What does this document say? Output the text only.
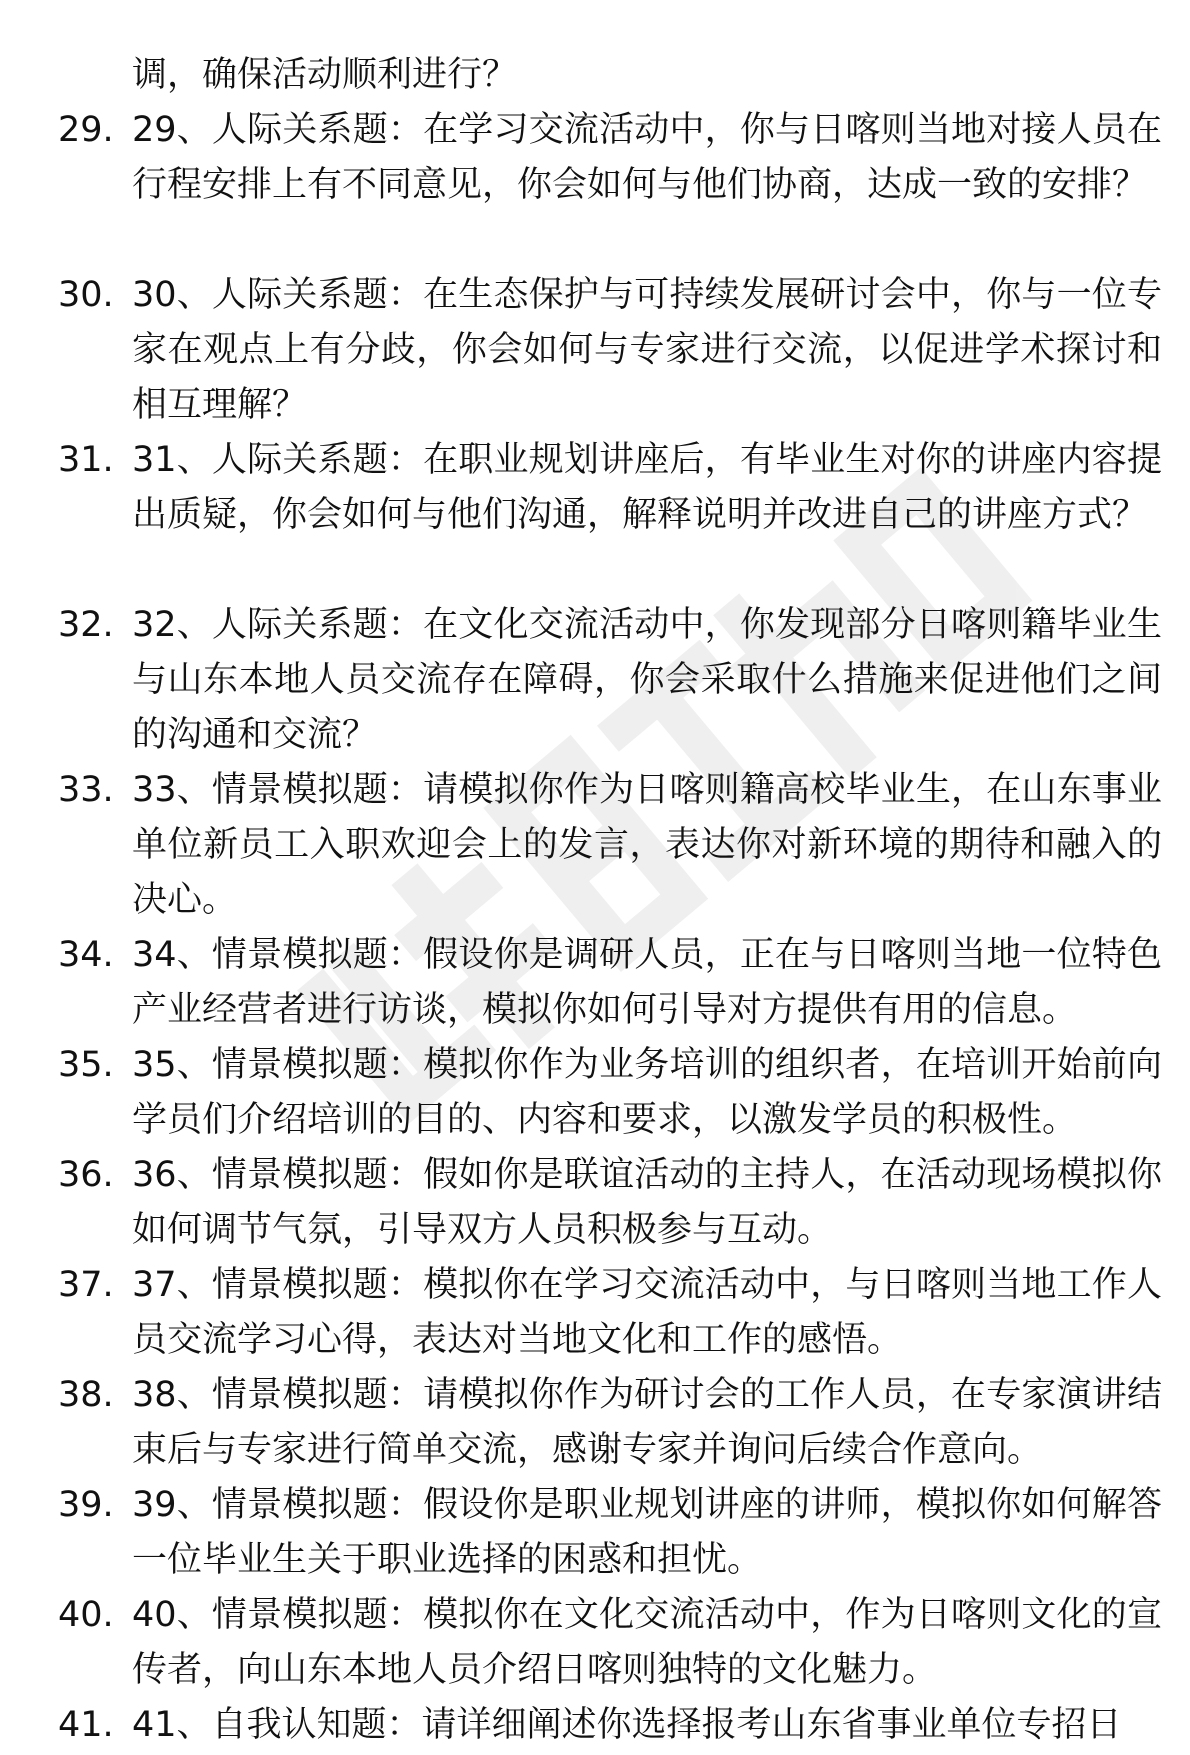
调，确保活动顺利进行？
29. 29、人际关系题：在学习交流活动中，你与日喀则当地对接人员在行程安排上有不同意见，你会如何与他们协商，达成一致的安排？
30. 30、人际关系题：在生态保护与可持续发展研讨会中，你与一位专家在观点上有分歧，你会如何与专家进行交流，以促进学术探讨和相互理解？
31. 31、人际关系题：在职业规划讲座后，有毕业生对你的讲座内容提出质疑，你会如何与他们沟通，解释说明并改进自己的讲座方式？
32. 32、人际关系题：在文化交流活动中，你发现部分日喀则籍毕业生与山东本地人员交流存在障碍，你会采取什么措施来促进他们之间的沟通和交流？
33. 33、情景模拟题：请模拟你作为日喀则籍高校毕业生，在山东事业单位新员工入职欢迎会上的发言，表达你对新环境的期待和融入的决心。
34. 34、情景模拟题：假设你是调研人员，正在与日喀则当地一位特色产业经营者进行访谈，模拟你如何引导对方提供有用的信息。
35. 35、情景模拟题：模拟你作为业务培训的组织者，在培训开始前向学员们介绍培训的目的、内容和要求，以激发学员的积极性。
36. 36、情景模拟题：假如你是联谊活动的主持人，在活动现场模拟你如何调节气氛，引导双方人员积极参与互动。
37. 37、情景模拟题：模拟你在学习交流活动中，与日喀则当地工作人员交流学习心得，表达对当地文化和工作的感悟。
38. 38、情景模拟题：请模拟你作为研讨会的工作人员，在专家演讲结束后与专家进行简单交流，感谢专家并询问后续合作意向。
39. 39、情景模拟题：假设你是职业规划讲座的讲师，模拟你如何解答一位毕业生关于职业选择的困惑和担忧。
40. 40、情景模拟题：模拟你在文化交流活动中，作为日喀则文化的宣传者，向山东本地人员介绍日喀则独特的文化魅力。
41. 41、自我认知题：请详细阐述你选择报考山东省事业单位专招日
